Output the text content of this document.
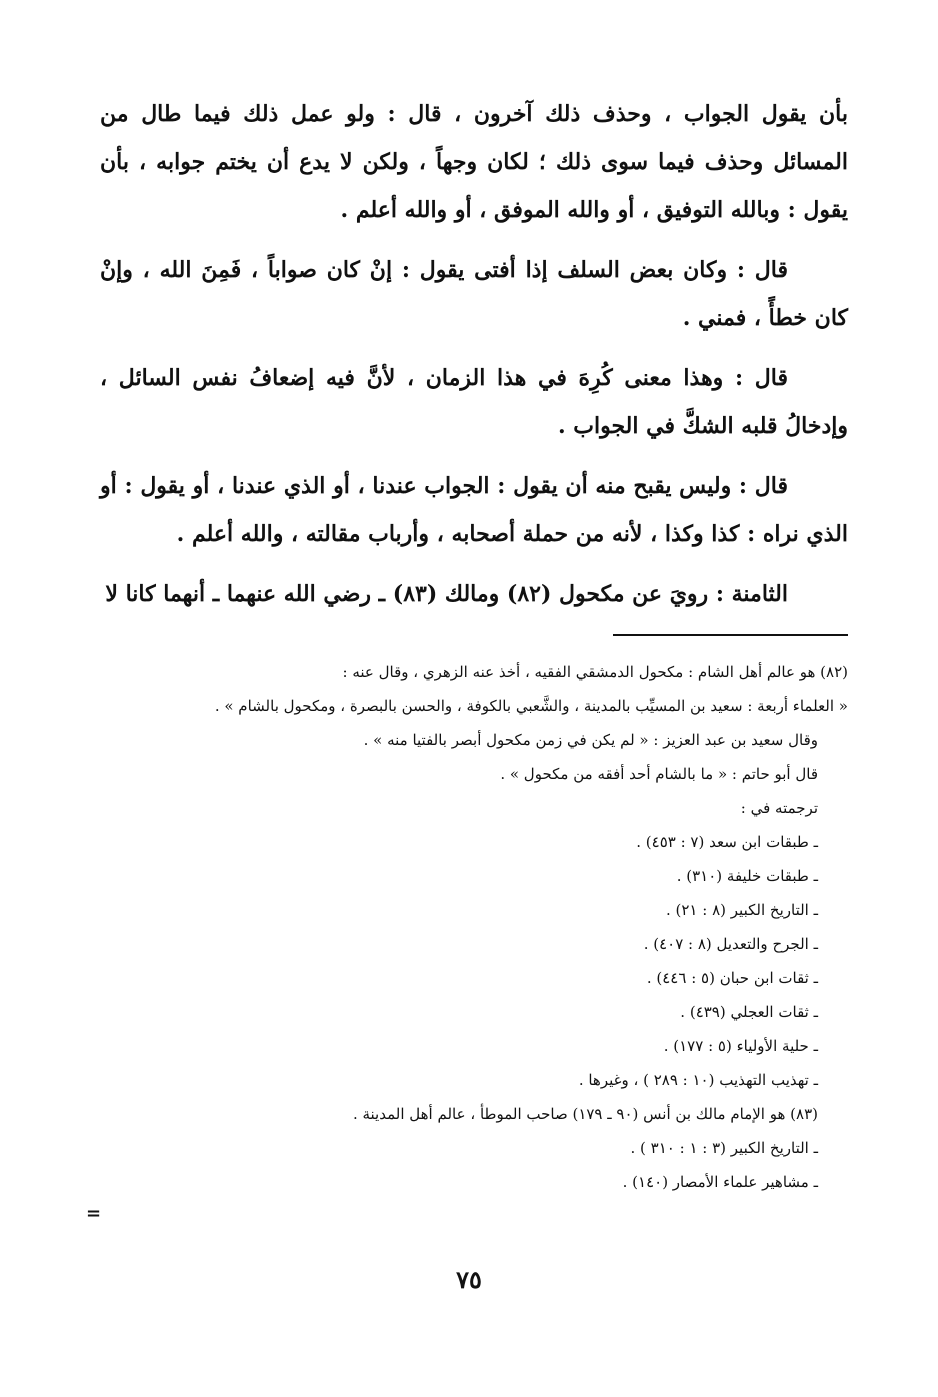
بأن يقول الجواب ، وحذف ذلك آخرون ، قال : ولو عمل ذلك فيما طال من المسائل وحذف فيما سوى ذلك ؛ لكان وجهاً ، ولكن لا يدع أن يختم جوابه ، بأن يقول : وبالله التوفيق ، أو والله الموفق ، أو والله أعلم .

قال : وكان بعض السلف إذا أفتى يقول : إنْ كان صواباً ، فَمِنَ الله ، وإنْ كان خطأً ، فمني .

قال : وهذا معنى كُرِهَ في هذا الزمان ، لأنَّ فيه إضعافُ نفس السائل ، وإدخالُ قلبه الشكَّ في الجواب .

قال : وليس يقبح منه أن يقول : الجواب عندنا ، أو الذي عندنا ، أو يقول : أو الذي نراه : كذا وكذا ، لأنه من حملة أصحابه ، وأرباب مقالته ، والله أعلم .

الثامنة : رويَ عن مكحول (٨٢) ومالك (٨٣) ـ رضي الله عنهما ـ أنهما كانا لا

(٨٢) هو عالم أهل الشام : مكحول الدمشقي الفقيه ، أخذ عنه الزهري ، وقال عنه :
« العلماء أربعة : سعيد بن المسيِّب بالمدينة ، والشَّعبي بالكوفة ، والحسن بالبصرة ، ومكحول بالشام » .
وقال سعيد بن عبد العزيز : « لم يكن في زمن مكحول أبصر بالفتيا منه » .
قال أبو حاتم : « ما بالشام أحد أفقه من مكحول » .
ترجمته في :
ـ طبقات ابن سعد (٧ : ٤٥٣) .
ـ طبقات خليفة (٣١٠) .
ـ التاريخ الكبير (٨ : ٢١) .
ـ الجرح والتعديل (٨ : ٤٠٧) .
ـ ثقات ابن حبان (٥ : ٤٤٦) .
ـ ثقات العجلي (٤٣٩) .
ـ حلية الأولياء (٥ : ١٧٧) .
ـ تهذيب التهذيب (١٠ : ٢٨٩ ) ، وغيرها .
(٨٣) هو الإمام مالك بن أنس (٩٠ ـ ١٧٩) صاحب الموطأ ، عالم أهل المدينة .
ـ التاريخ الكبير (٣ : ١ : ٣١٠ ) .
ـ مشاهير علماء الأمصار (١٤٠) .
=
٧٥
